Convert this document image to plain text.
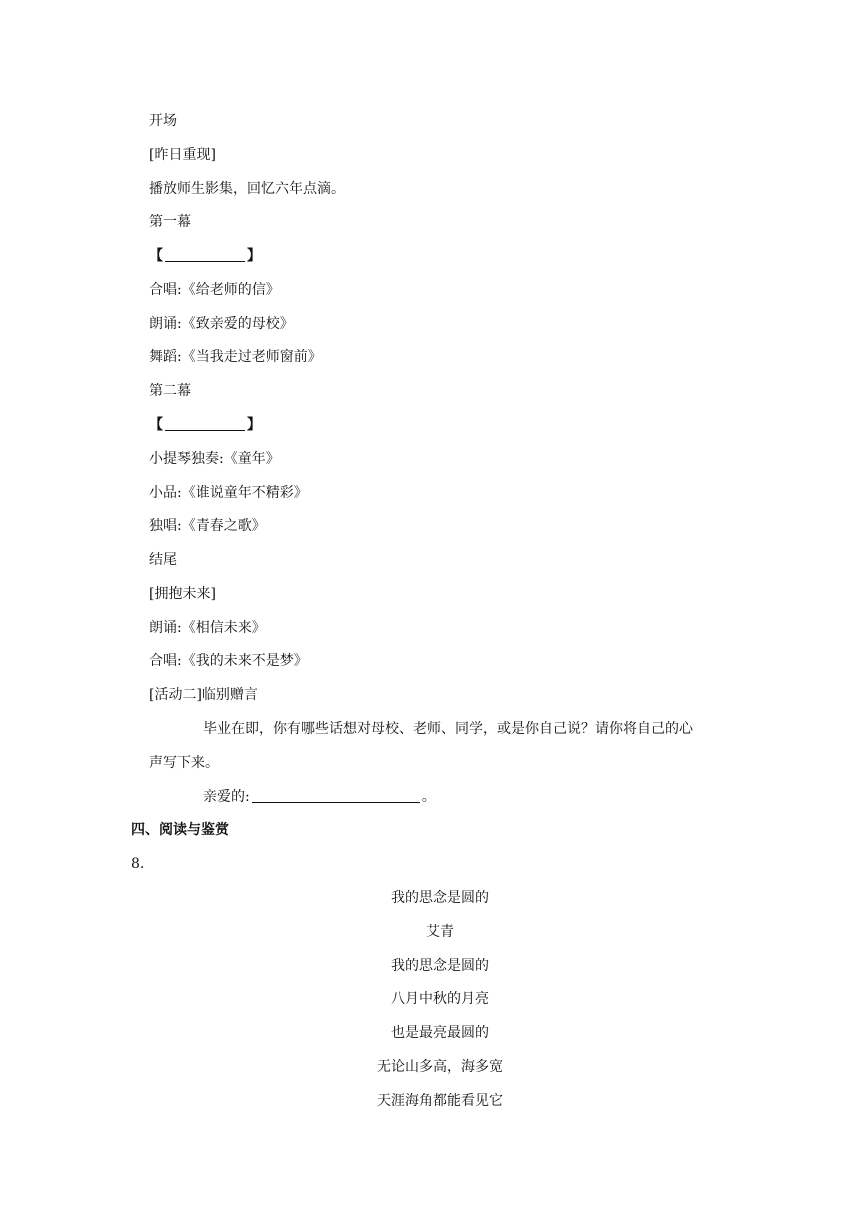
开场
[昨日重现]
播放师生影集，回忆六年点滴。
第一幕
【	】
合唱:《给老师的信》
朗诵:《致亲爱的母校》
舞蹈:《当我走过老师窗前》
第二幕
【	】
小提琴独奏:《童年》
小品:《谁说童年不精彩》
独唱:《青春之歌》
结尾
[拥抱未来]
朗诵:《相信未来》
合唱:《我的未来不是梦》
[活动二]临别赠言
毕业在即，你有哪些话想对母校、老师、同学，或是你自己说？请你将自己的心
声写下来。
亲爱的:	。
四、阅读与鉴赏
8.
我的思念是圆的
艾青
我的思念是圆的
八月中秋的月亮
也是最亮最圆的
无论山多高，海多宽
天涯海角都能看见它
